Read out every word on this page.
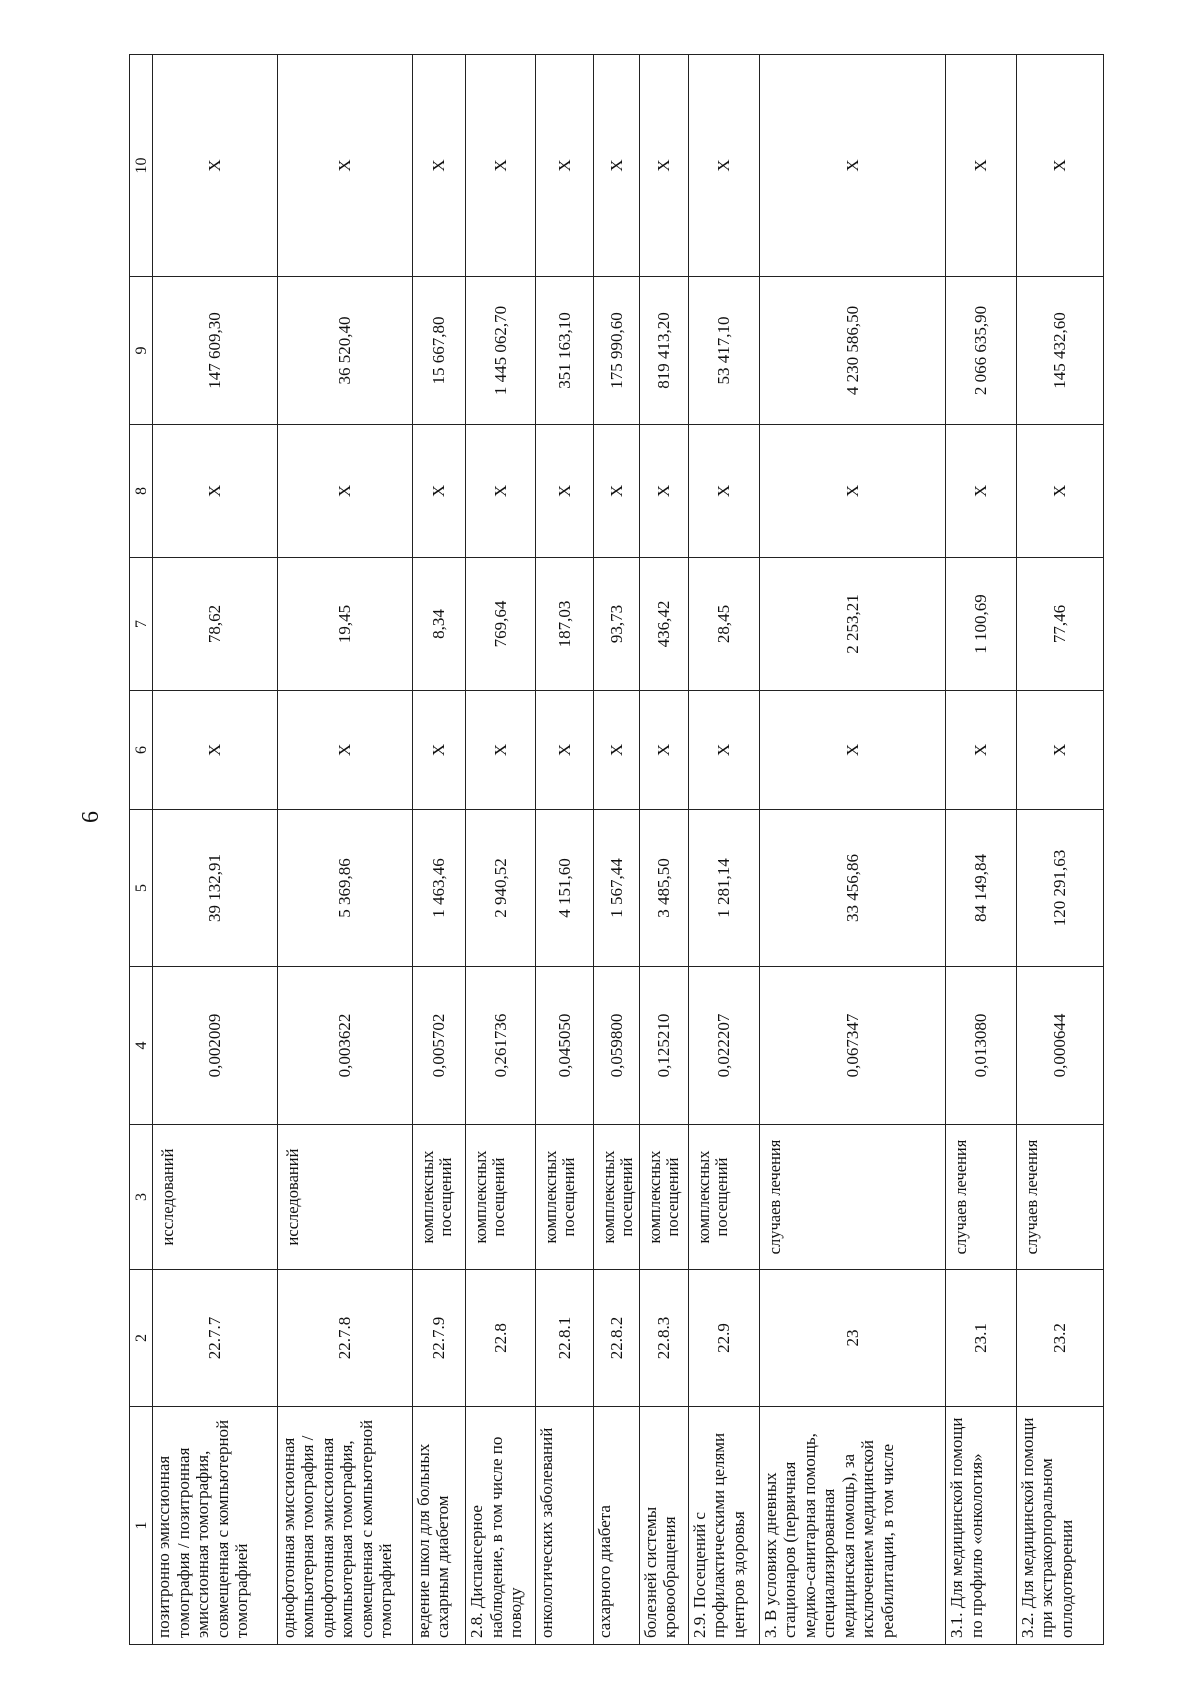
6
1	2	3	4	5	6	7	8	9	10
позитронно эмиссионная томография / позитронная эмиссионная томография, совмещенная с компьютерной томографией	22.7.7	исследований	0,002009	39 132,91	X	78,62	X	147 609,30	X
однофотонная эмиссионная компьютерная томография / однофотонная эмиссионная компьютерная томография, совмещенная с компьютерной томографией	22.7.8	исследований	0,003622	5 369,86	X	19,45	X	36 520,40	X
ведение школ для больных сахарным диабетом	22.7.9	комплексных посещений	0,005702	1 463,46	X	8,34	X	15 667,80	X
2.8. Диспансерное наблюдение, в том числе по поводу	22.8	комплексных посещений	0,261736	2 940,52	X	769,64	X	1 445 062,70	X
онкологических заболеваний	22.8.1	комплексных посещений	0,045050	4 151,60	X	187,03	X	351 163,10	X
сахарного диабета	22.8.2	комплексных посещений	0,059800	1 567,44	X	93,73	X	175 990,60	X
болезней системы кровообращения	22.8.3	комплексных посещений	0,125210	3 485,50	X	436,42	X	819 413,20	X
2.9. Посещений с профилактическими целями центров здоровья	22.9	комплексных посещений	0,022207	1 281,14	X	28,45	X	53 417,10	X
3. В условиях дневных стационаров (первичная медико-санитарная помощь, специализированная медицинская помощь), за исключением медицинской реабилитации, в том числе	23	случаев лечения	0,067347	33 456,86	X	2 253,21	X	4 230 586,50	X
3.1. Для медицинской помощи по профилю «онкология»	23.1	случаев лечения	0,013080	84 149,84	X	1 100,69	X	2 066 635,90	X
3.2. Для медицинской помощи при экстракорпоральном оплодотворении	23.2	случаев лечения	0,000644	120 291,63	X	77,46	X	145 432,60	X
